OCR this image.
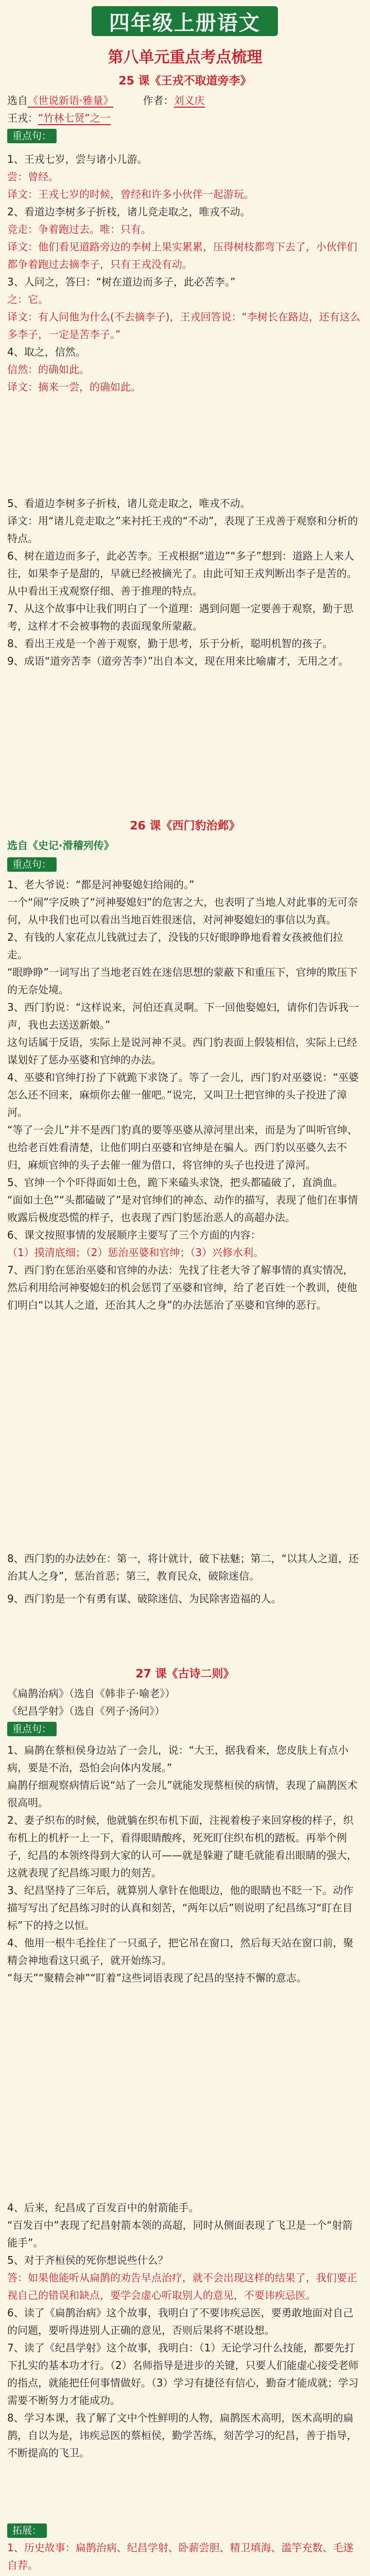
四年级上册语文
第八单元重点考点梳理
25 课《王戎不取道旁李》
选自《世说新语·雅量》	作者：刘义庆
王戎：“竹林七贤”之一
重点句：
1、王戎七岁，尝与诸小儿游。
尝：曾经。
译文：王戎七岁的时候，曾经和许多小伙伴一起游玩。
2、看道边李树多子折枝，诸儿竞走取之，唯戎不动。
竞走：争着跑过去。唯：只有。
译文：他们看见道路旁边的李树上果实累累，压得树枝都弯下去了，小伙伴们都争着跑过去摘李子，只有王戎没有动。
3、人问之，答曰：“树在道边而多子，此必苦李。”
之：它。
译文：有人问他为什么(不去摘李子)，王戎回答说：“李树长在路边，还有这么多李子，一定是苦李子。”
4、取之，信然。
信然：的确如此。
译文：摘来一尝，的确如此。
5、看道边李树多子折枝，诸儿竞走取之，唯戎不动。
译文：用“诸儿竞走取之”来衬托王戎的“不动”，表现了王戎善于观察和分析的特点。
6、树在道边而多子，此必苦李。王戎根据“道边”“多子”想到：道路上人来人往，如果李子是甜的，早就已经被摘光了。由此可知王戎判断出李子是苦的。从中看出王戎观察仔细、善于推理的特点。
7、从这个故事中让我们明白了一个道理：遇到问题一定要善于观察，勤于思考，这样才不会被事物的表面现象所蒙蔽。
8、看出王戎是一个善于观察，勤于思考，乐于分析，聪明机智的孩子。
9、成语“道旁苦李（道旁苦李）”出自本文，现在用来比喻庸才，无用之才。
26 课《西门豹治邺》
选自《史记·滑稽列传》
重点句：
1、老大爷说：“都是河神娶媳妇给闹的。”
一个“闹”字反映了“河神娶媳妇”的危害之大，也表明了当地人对此事的无可奈何，从中我们也可以看出当地百姓很迷信，对河神娶媳妇的事信以为真。
2、有钱的人家花点儿钱就过去了，没钱的只好眼睁睁地看着女孩被他们拉走。
“眼睁睁”一词写出了当地老百姓在迷信思想的蒙蔽下和重压下，官绅的欺压下的无奈处境。
3、西门豹说：“这样说来，河伯还真灵啊。下一回他娶媳妇，请你们告诉我一声，我也去送送新娘。”
这句话属于反语，实际上是说河神不灵。西门豹表面上假装相信，实际上已经谋划好了惩办巫婆和官绅的办法。
4、巫婆和官绅打扮了下就跪下求饶了。等了一会儿，西门豹对巫婆说：“巫婆怎么还不回来，麻烦你去催一催吧。”说完，又叫卫士把官绅的头子投进了漳河。
“等了一会儿”并不是西门豹真的要等巫婆从漳河里出来，而是为了叫听官绅、也给老百姓看清楚，让他们明白巫婆和官绅是在骗人。西门豹以巫婆久去不归，麻烦官绅的头子去催一催为借口，将官绅的头子也投进了漳河。
5、官绅一个个吓得面如土色，跪下来磕头求饶，把头都磕破了，直淌血。
“面如土色”“头都磕破了”是对官绅们的神态、动作的描写，表现了他们在事情败露后极度恐慌的样子，也表现了西门豹惩治恶人的高超办法。
6、课文按照事情的发展顺序主要写了三个方面的内容：
（1）摸清底细；（2）惩治巫婆和官绅；（3）兴修水利。
7、西门豹在惩治巫婆和官绅的办法：先找了往老大爷了解事情的真实情况，然后利用给河神娶媳妇的机会惩罚了巫婆和官绅，给了老百姓一个教训，使他们明白“以其人之道，还治其人之身”的办法惩治了巫婆和官绅的恶行。
8、西门豹的办法妙在：第一，将计就计，破下祛魅；第二，“以其人之道，还治其人之身”，惩治首恶；第三，教育民众，破除迷信。
9、西门豹是一个有勇有谋、破除迷信、为民除害造福的人。
27 课《古诗二则》
《扁鹊治病》（选自《韩非子·喻老》）
《纪昌学射》（选自《列子·汤问》）
重点句：
1、扁鹊在蔡桓侯身边站了一会儿，说：“大王，据我看来，您皮肤上有点小病，要是不治，恐怕会向体内发展。”
扁鹊仔细观察病情后说“站了一会儿”就能发现蔡桓侯的病情，表现了扁鹊医术很高明。
2、妻子织布的时候，他就躺在织布机下面，注视着梭子来回穿梭的样子，织布机上的机杼一上一下，看得眼睛酸疼，死死盯住织布机的踏板。再举个例子，纪昌的本领终得到大家的认可——就是躲避了睫毛就能看出眼睛的强大，这就表现了纪昌练习眼力的刻苦。
3、纪昌坚持了三年后，就算别人拿针在他眼边，他的眼睛也不眨一下。动作描写写出了纪昌练习时的认真和刻苦，“两年以后”则说明了纪昌练习“盯在目标”下的持之以恒。
4、他用一根牛毛拴住了一只虱子，把它吊在窗口，然后每天站在窗口前，聚精会神地看这只虱子，就开始练习。
“每天”“聚精会神”“盯着”这些词语表现了纪昌的坚持不懈的意志。
4、后来，纪昌成了百发百中的射箭能手。
“百发百中”表现了纪昌射箭本领的高超，同时从侧面表现了飞卫是一个“射箭能手”。
5、对于齐桓侯的死你想说些什么？
答：如果他能听从扁鹊的劝告早点治疗，就不会出现这样的结果了，我们要正视自己的错误和缺点，要学会虚心听取别人的意见，不要讳疾忌医。
6、读了《扁鹊治病》这个故事，我明白了不要讳疾忌医，要勇敢地面对自己的问题，要听得进别人正确的意见，否则后果将不堪设想。
7、读了《纪昌学射》这个故事，我明白：（1）无论学习什么技能，都要先打下扎实的基本功才行。（2）名师指导是进步的关键，只要人们能虚心接受老师的指点，就能把任何事情做好。（3）学习有捷径有信心，勤奋才能成就；学习需要不断努力才能成功。
8、学习本课，我了解了文中个性鲜明的人物，扁鹊医术高明，医术高明的扁鹊，自以为是，讳疾忌医的蔡桓侯，勤学苦练，刻苦学习的纪昌，善于指导，不断提高的飞卫。
拓展：
1、历史故事：扁鹊治病、纪昌学射、卧薪尝胆、精卫填海、滥竽充数、毛遂自荐。
